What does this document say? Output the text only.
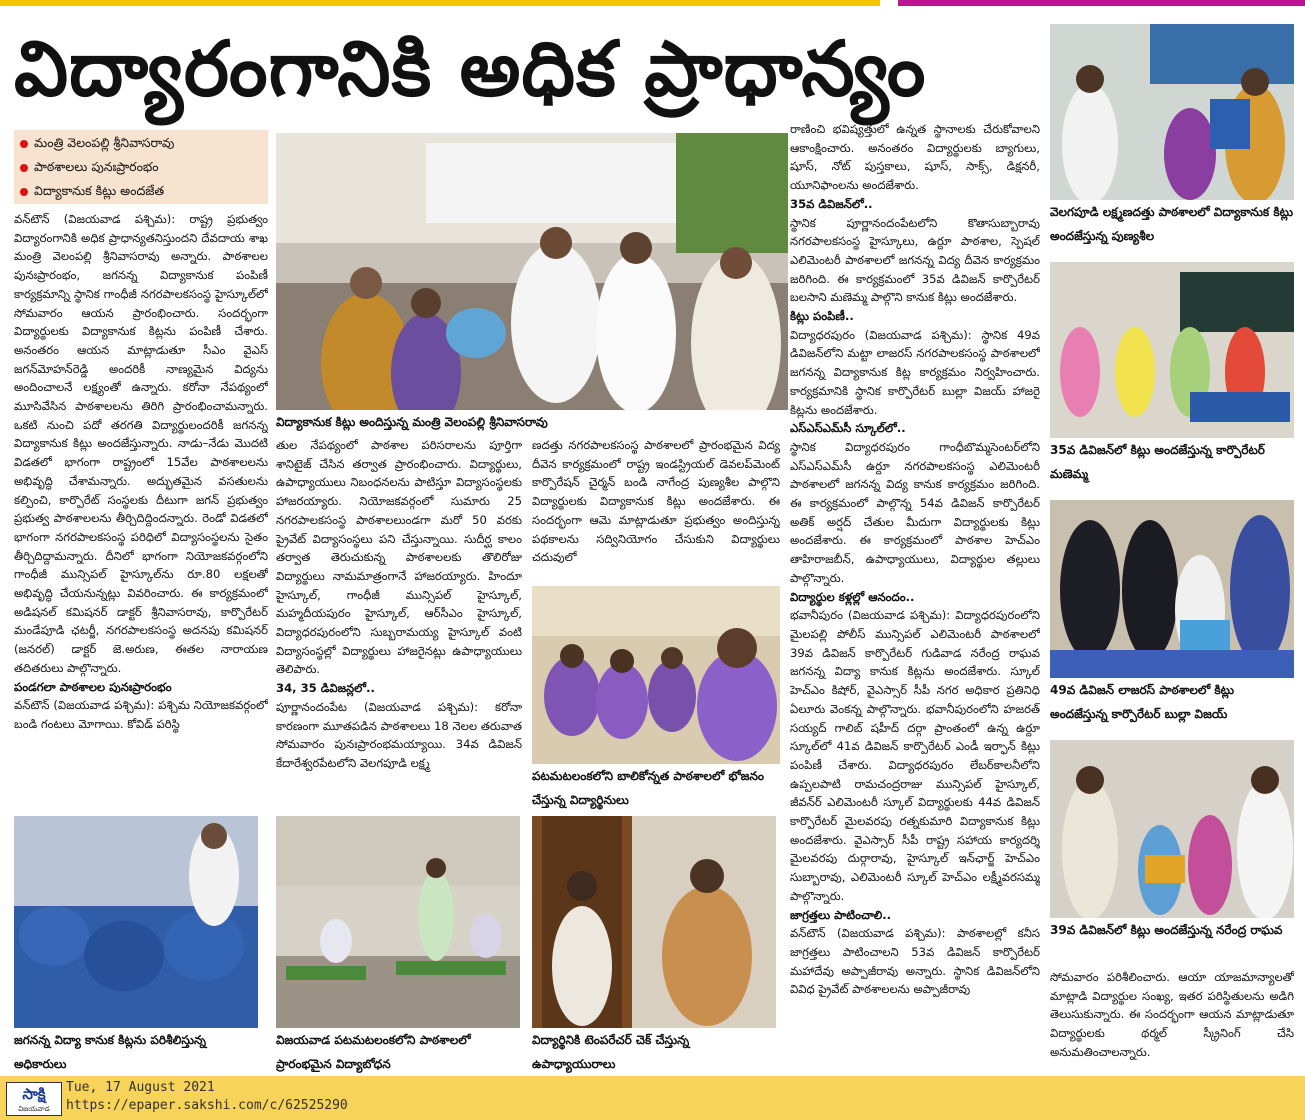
విద్యారంగానికి అధిక ప్రాధాన్యం
మంత్రి వెలంపల్లి శ్రీనివాసరావు
పాఠశాలలు పునఃప్రారంభం
విద్యాకానుక కిట్లు అందజేత

వన్‌టౌన్ (విజయవాడ పశ్చిమ): రాష్ట్ర ప్రభుత్వం విద్యారంగానికి అధిక ప్రాధాన్యతనిస్తుందని దేవదాయ శాఖ మంత్రి వెలంపల్లి శ్రీనివాసరావు అన్నారు. పాఠశాలల పునఃప్రారంభం, జగనన్న విద్యాకానుక పంపిణీ కార్యక్రమాన్ని స్థానిక గాంధీజీ నగరపాలకసంస్థ హైస్కూల్‌లో సోమవారం ఆయన ప్రారంభించారు. సందర్భంగా విద్యార్థులకు విద్యాకానుక కిట్లను పంపిణీ చేశారు. అనంతరం ఆయన మాట్లాడుతూ సీఎం వైఎస్ జగన్‌మోహన్‌రెడ్డి అందరికీ నాణ్యమైన విద్యను అందించాలనే లక్ష్యంతో ఉన్నారు. కరోనా నేపథ్యంలో మూసివేసిన పాఠశాలలను తిరిగి ప్రారంభించామన్నారు. ఒకటి నుంచి పదో తరగతి విద్యార్థులందరికీ జగనన్న విద్యాకానుక కిట్లు అందజేస్తున్నారు. నాడు–నేడు మొదటి విడతలో భాగంగా రాష్ట్రంలో 15వేల పాఠశాలలను అభివృద్ధి చేశామన్నారు. అద్భుతమైన వసతులను కల్పించి, కార్పొరేట్ సంస్థలకు దీటుగా జగన్ ప్రభుత్వం ప్రభుత్వ పాఠశాలలను తీర్చిదిద్దిందన్నారు. రెండో విడతలో భాగంగా నగరపాలకసంస్థ పరిధిలో విద్యాసంస్థలను సైతం తీర్చిదిద్దామన్నారు. దీనిలో భాగంగా నియోజకవర్గంలోని గాంధీజీ మున్సిపల్ హైస్కూల్‌ను రూ.80 లక్షలతో అభివృద్ధి చేయనున్నట్లు వివరించారు. ఈ కార్యక్రమంలో అడిషనల్ కమిషనర్ డాక్టర్ శ్రీనివాసరావు, కార్పొరేటర్ మండేపూడి ఛటర్జీ, నగరపాలకసంస్థ అదనపు కమిషనర్ (జనరల్) డాక్టర్ జె.అరుణ, ఈతల నారాయణ తదితరులు పాల్గొన్నారు.

పండగలా పాఠశాలల పునఃప్రారంభం

వన్‌టౌన్ (విజయవాడ పశ్చిమ): పశ్చిమ నియోజకవర్గంలో బండి గంటలు మోగాయి. కోవిడ్ పరిస్థి

విద్యాకానుక కిట్లు అందిస్తున్న మంత్రి వెలంపల్లి శ్రీనివాసరావు

తుల నేపథ్యంలో పాఠశాల పరిసరాలను పూర్తిగా శానిటైజ్ చేసిన తర్వాత ప్రారంభించారు. విద్యార్థులు, ఉపాధ్యాయులు నిబంధనలను పాటిస్తూ విద్యాసంస్థలకు హాజరయ్యారు. నియోజకవర్గంలో సుమారు 25 నగరపాలకసంస్థ పాఠశాలలుండగా మరో 50 వరకు ప్రైవేట్ విద్యాసంస్థలు పని చేస్తున్నాయి. సుదీర్ఘ కాలం తర్వాత తెరుచుకున్న పాఠశాలలకు తొలిరోజు విద్యార్థులు నామమాత్రంగానే హాజరయ్యారు. హిందూ హైస్కూల్, గాంధీజీ మున్సిపల్ హైస్కూల్, మహ్మదీయపురం హైస్కూల్, ఆర్‌సీఎం హైస్కూల్, విద్యాధరపురంలోని సుబ్బరామయ్య హైస్కూల్ వంటి విద్యాసంస్థల్లో విద్యార్థులు హాజరైనట్లు ఉపాధ్యాయులు తెలిపారు.

34, 35 డివిజన్లలో..

పూర్ణానందంపేట (విజయవాడ పశ్చిమ): కరోనా కారణంగా మూతపడిన పాఠశాలలు 18 నెలల తరువాత సోమవారం పునఃప్రారంభమయ్యాయి. 34వ డివిజన్ కేదారేశ్వరపేటలోని వెలగపూడి లక్ష్మ

ణదత్తు నగరపాలకసంస్థ పాఠశాలలో ప్రారంభమైన విద్య దీవెన కార్యక్రమంలో రాష్ట్ర ఇండస్ట్రియల్ డెవలప్‌మెంట్ కార్పొరేషన్ చైర్మన్ బండి నాగేంద్ర పుణ్యశీల పాల్గొని విద్యార్థులకు విద్యాకానుక కిట్లు అందజేశారు. ఈ సందర్భంగా ఆమె మాట్లాడుతూ ప్రభుత్వం అందిస్తున్న పథకాలను సద్వినియోగం చేసుకుని విద్యార్థులు చదువులో

పటమటలంకలోని బాలికోన్నత పాఠశాలలో భోజనం చేస్తున్న విద్యార్థినులు

రాణించి భవిష్యత్తులో ఉన్నత స్థానాలకు చేరుకోవాలని ఆకాంక్షించారు. అనంతరం విద్యార్థులకు బ్యాగులు, షూస్, నోట్ పుస్తకాలు, షూస్, సాక్స్, డిక్షనరీ, యూనిఫాంలను అందజేశారు.

35వ డివిజన్‌లో..

స్థానిక పూర్ణానందంపేటలోని కొతాసుబ్బారావు నగరపాలకసంస్థ హైస్కూలు, ఉర్దూ పాఠశాల, స్పెషల్ ఎలిమెంటరీ పాఠశాలలో జగనన్న విద్య దీవెన కార్యక్రమం జరిగింది. ఈ కార్యక్రమంలో 35వ డివిజన్ కార్పొరేటర్ బలసాని మణెమ్మ పాల్గొని కానుక కిట్లు అందజేశారు.

కిట్లు పంపిణీ..

విద్యాధరపురం (విజయవాడ పశ్చిమ): స్థానిక 49వ డివిజన్‌లోని మట్టా లాజరస్ నగరపాలకసంస్థ పాఠశాలలో జగనన్న విద్యాకానుక కిట్ల కార్యక్రమం నిర్వహించారు. కార్యక్రమానికి స్థానిక కార్పొరేటర్ బుల్లా విజయ్ హాజరై కిట్లను అందజేశారు.

ఎస్‌ఎస్‌ఎమ్‌సీ స్కూల్‌లో..

స్థానిక విద్యాధరపురం గాంధీబొమ్మసెంటర్‌లోని ఎస్ఎస్ఎమ్‌సీ ఉర్దూ నగరపాలకసంస్థ ఎలిమెంటరీ పాఠశాలలో జగనన్న విద్య కానుక కార్యక్రమం జరిగింది. ఈ కార్యక్రమంలో పాల్గొన్న 54వ డివిజన్ కార్పొరేటర్ అతిక్ అర్షద్ చేతుల మీదుగా విద్యార్థులకు కిట్లు అందజేశారు. ఈ కార్యక్రమంలో పాఠశాల హెచ్ఎం తాహిరాజబీన్, ఉపాధ్యాయులు, విద్యార్థుల తల్లులు పాల్గొన్నారు.

విద్యార్థుల కళ్లల్లో ఆనందం..

భవానీపురం (విజయవాడ పశ్చిమ): విద్యాధరపురంలోని మైలపల్లి పోలీస్ మున్సిపల్ ఎలిమెంటరీ పాఠశాలలో 39వ డివిజన్ కార్పొరేటర్ గుడివాడ నరేంద్ర రాఘవ జగనన్న విద్యా కానుక కిట్లను అందజేశారు. స్కూల్ హెచ్ఎం కిషోర్, వైఎస్సార్ సీపీ నగర అధికార ప్రతినిధి ఏలూరు వెంకన్న పాల్గొన్నారు. భవానీపురంలోని హజరత్ సయ్యద్ గాలిబ్ షహీద్ దర్గా ప్రాంతంలో ఉన్న ఉర్దూ స్కూల్‌లో 41వ డివిజన్ కార్పొరేటర్ ఎండీ ఇర్ఫాన్ కిట్లు పంపిణీ చేశారు. విద్యాధరపురం లేబర్‌కాలనీలోని ఉప్పలపాటి రామచంద్రరాజు మున్సిపల్ హైస్కూల్, జీవన్‌ర్ ఎలిమెంటరీ స్కూల్ విద్యార్థులకు 44వ డివిజన్ కార్పొరేటర్ మైలవరపు రత్నకుమారి విద్యాకానుక కిట్లు అందజేశారు. వైఎస్సార్ సీపీ రాష్ట్ర సహాయ కార్యదర్శి మైలవరపు దుర్గారావు, హైస్కూల్ ఇన్‌ఛార్జ్ హెచ్ఎం సుబ్బారావు, ఎలిమెంటరీ స్కూల్ హెచ్ఎం లక్ష్మీవరసమ్మ పాల్గొన్నారు.

జాగ్రత్తలు పాటించాలి..

వన్‌టౌన్ (విజయవాడ పశ్చిమ): పాఠశాలల్లో కనీస జాగ్రత్తలు పాటించాలని 53వ డివిజన్ కార్పొరేటర్ మహాదేవు అప్పాజీరావు అన్నారు. స్థానిక డివిజన్‌లోని వివిధ ప్రైవేట్ పాఠశాలలను అప్పాజీరావు

జగనన్న విద్యా కానుక కిట్లను పరిశీలిస్తున్న అధికారులు
విజయవాడ పటమటలంకలోని పాఠశాలలో ప్రారంభమైన విద్యాబోధన
విద్యార్థినికి టెంపరేచర్ చెక్ చేస్తున్న ఉపాధ్యాయురాలు
వెలగపూడి లక్ష్మణదత్తు పాఠశాలలో విద్యాకానుక కిట్లు అందజేస్తున్న పుణ్యశీల
35వ డివిజన్‌లో కిట్లు అందజేస్తున్న కార్పొరేటర్ మణెమ్మ
49వ డివిజన్ లాజరస్ పాఠశాలలో కిట్లు అందజేస్తున్న కార్పొరేటర్ బుల్లా విజయ్
39వ డివిజన్‌లో కిట్లు అందజేస్తున్న నరేంద్ర రాఘవ

సోమవారం పరిశీలించారు. ఆయా యాజమాన్యాలతో మాట్లాడి విద్యార్థుల సంఖ్య, ఇతర పరిస్థితులను అడిగి తెలుసుకున్నారు. ఈ సందర్భంగా ఆయన మాట్లాడుతూ విద్యార్థులకు థర్మల్ స్క్రీనింగ్ చేసి అనుమతించాలన్నారు.

సాక్షి
విజయవాడ
Tue, 17 August 2021
https://epaper.sakshi.com/c/62525290
